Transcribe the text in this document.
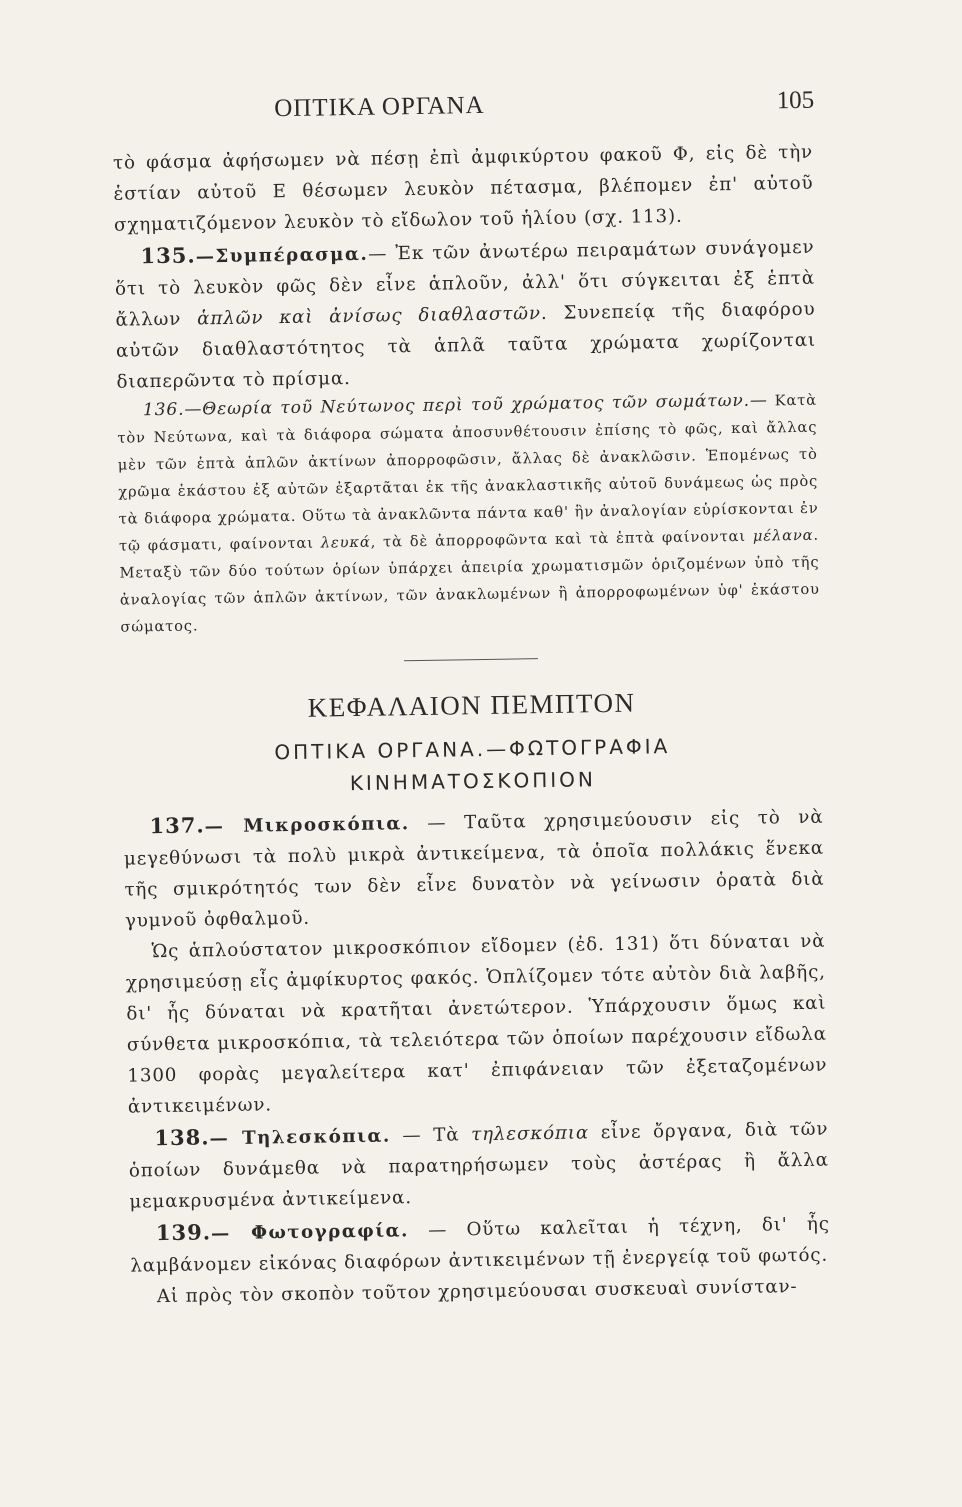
ΟΠΤΙΚΑ ΟΡΓΑΝΑ	105

τὸ φάσμα ἀφήσωμεν νὰ πέσῃ ἐπὶ ἀμφικύρτου φακοῦ Φ, εἰς δὲ τὴν ἑστίαν αὐτοῦ Ε θέσωμεν λευκὸν πέτασμα, βλέπομεν ἐπ' αὐτοῦ σχηματιζόμενον λευκὸν τὸ εἴδωλον τοῦ ἡλίου (σχ. 113).

135.—Συμπέρασμα.— Ἐκ τῶν ἀνωτέρω πειραμάτων συνάγομεν ὅτι τὸ λευκὸν φῶς δὲν εἶνε ἁπλοῦν, ἀλλ' ὅτι σύγκειται ἐξ ἑπτὰ ἄλλων ἁπλῶν καὶ ἀνίσως διαθλαστῶν. Συνεπείᾳ τῆς διαφόρου αὐτῶν διαθλαστότητος τὰ ἁπλᾶ ταῦτα χρώματα χωρίζονται διαπερῶντα τὸ πρίσμα.

136.—Θεωρία τοῦ Νεύτωνος περὶ τοῦ χρώματος τῶν σωμάτων.— Κατὰ τὸν Νεύτωνα, καὶ τὰ διάφορα σώματα ἀποσυνθέτουσιν ἐπίσης τὸ φῶς, καὶ ἄλλας μὲν τῶν ἑπτὰ ἁπλῶν ἀκτίνων ἀπορροφῶσιν, ἄλλας δὲ ἀνακλῶσιν. Ἑπομένως τὸ χρῶμα ἑκάστου ἐξ αὐτῶν ἐξαρτᾶται ἐκ τῆς ἀνακλαστικῆς αὐτοῦ δυνάμεως ὡς πρὸς τὰ διάφορα χρώματα. Οὕτω τὰ ἀνακλῶντα πάντα καθ' ἣν ἀναλογίαν εὑρίσκονται ἐν τῷ φάσματι, φαίνονται λευκά, τὰ δὲ ἀπορροφῶντα καὶ τὰ ἑπτὰ φαίνονται μέλανα. Μεταξὺ τῶν δύο τούτων ὁρίων ὑπάρχει ἀπειρία χρωματισμῶν ὁριζομένων ὑπὸ τῆς ἀναλογίας τῶν ἁπλῶν ἀκτίνων, τῶν ἀνακλωμένων ἢ ἀπορροφωμένων ὑφ' ἑκάστου σώματος.

ΚΕΦΑΛΑΙΟΝ ΠΕΜΠΤΟΝ
ΟΠΤΙΚΑ ΟΡΓΑΝΑ.—ΦΩΤΟΓΡΑΦΙΑ
ΚΙΝΗΜΑΤΟΣΚΟΠΙΟΝ

137.— Μικροσκόπια. — Ταῦτα χρησιμεύουσιν εἰς τὸ νὰ μεγεθύνωσι τὰ πολὺ μικρὰ ἀντικείμενα, τὰ ὁποῖα πολλάκις ἕνεκα τῆς σμικρότητός των δὲν εἶνε δυνατὸν νὰ γείνωσιν ὁρατὰ διὰ γυμνοῦ ὀφθαλμοῦ.

Ὡς ἁπλούστατον μικροσκόπιον εἴδομεν (ἐδ. 131) ὅτι δύναται νὰ χρησιμεύσῃ εἷς ἀμφίκυρτος φακός. Ὁπλίζομεν τότε αὐτὸν διὰ λαβῆς, δι' ἧς δύναται νὰ κρατῆται ἀνετώτερον. Ὑπάρχουσιν ὅμως καὶ σύνθετα μικροσκόπια, τὰ τελειότερα τῶν ὁποίων παρέχουσιν εἴδωλα 1300 φορὰς μεγαλείτερα κατ' ἐπιφάνειαν τῶν ἐξεταζομένων ἀντικειμένων.

138.— Τηλεσκόπια. — Τὰ τηλεσκόπια εἶνε ὄργανα, διὰ τῶν ὁποίων δυνάμεθα νὰ παρατηρήσωμεν τοὺς ἀστέρας ἢ ἄλλα μεμακρυσμένα ἀντικείμενα.

139.— Φωτογραφία. — Οὕτω καλεῖται ἡ τέχνη, δι' ἧς λαμβάνομεν εἰκόνας διαφόρων ἀντικειμένων τῇ ἐνεργείᾳ τοῦ φωτός.

Αἱ πρὸς τὸν σκοπὸν τοῦτον χρησιμεύουσαι συσκευαὶ συνίσταν-
